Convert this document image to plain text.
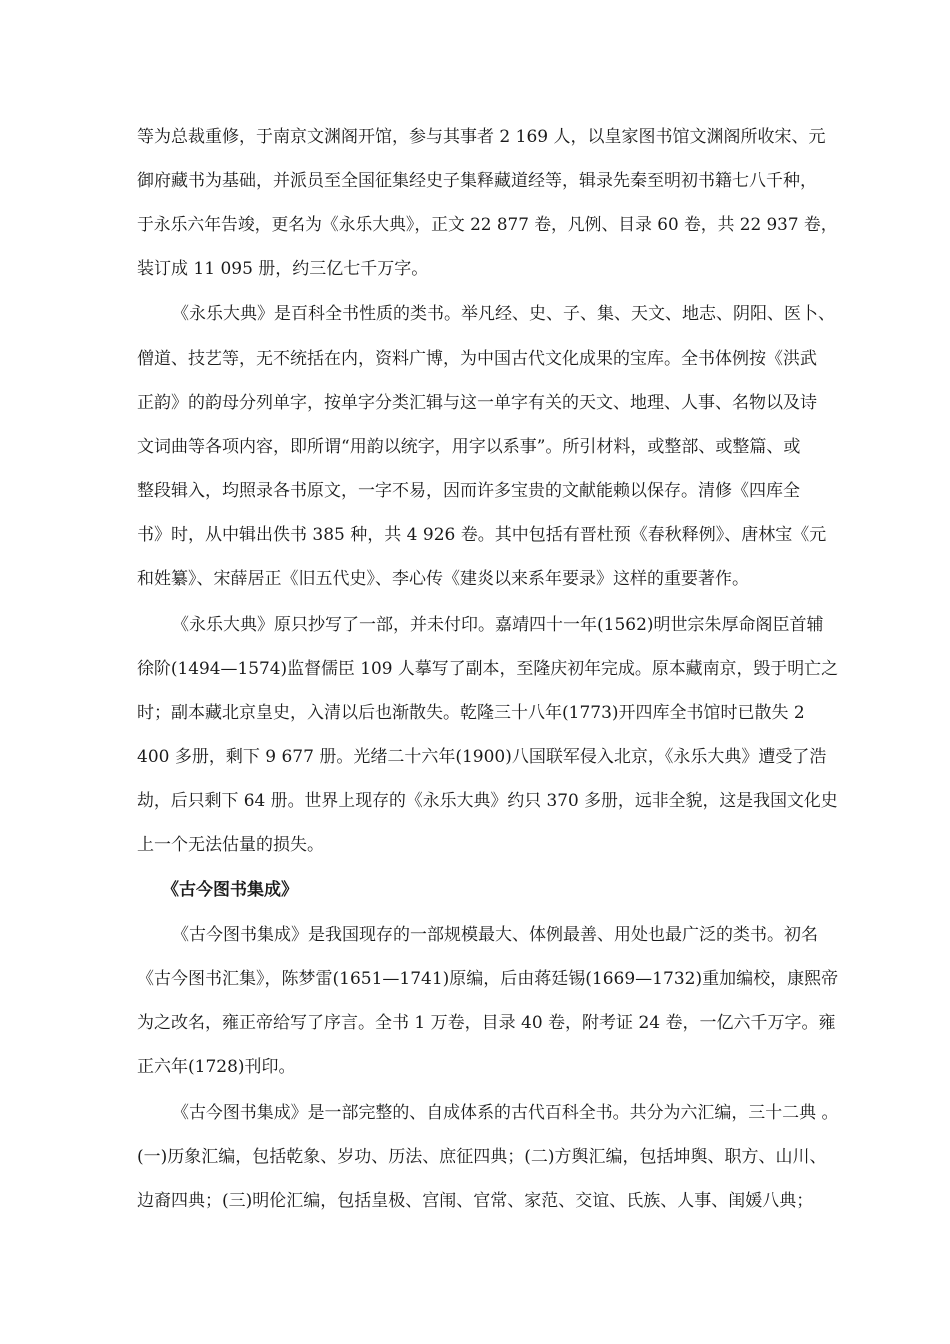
等为总裁重修，于南京文渊阁开馆，参与其事者 2 169 人，以皇家图书馆文渊阁所收宋、元
御府藏书为基础，并派员至全国征集经史子集释藏道经等，辑录先秦至明初书籍七八千种，
于永乐六年告竣，更名为《永乐大典》，正文 22 877 卷，凡例、目录 60 卷，共 22 937 卷，
装订成 11 095 册，约三亿七千万字。
《永乐大典》是百科全书性质的类书。举凡经、史、子、集、天文、地志、阴阳、医卜、
僧道、技艺等，无不统括在内，资料广博，为中国古代文化成果的宝库。全书体例按《洪武
正韵》的韵母分列单字，按单字分类汇辑与这一单字有关的天文、地理、人事、名物以及诗
文词曲等各项内容，即所谓“用韵以统字，用字以系事”。所引材料，或整部、或整篇、或
整段辑入，均照录各书原文，一字不易，因而许多宝贵的文献能赖以保存。清修《四库全
书》时，从中辑出佚书 385 种，共 4 926 卷。其中包括有晋杜预《春秋释例》、唐林宝《元
和姓纂》、宋薛居正《旧五代史》、李心传《建炎以来系年要录》这样的重要著作。
《永乐大典》原只抄写了一部，并未付印。嘉靖四十一年(1562)明世宗朱厚命阁臣首辅
徐阶(1494—1574)监督儒臣 109 人摹写了副本，至隆庆初年完成。原本藏南京，毁于明亡之
时；副本藏北京皇史，入清以后也渐散失。乾隆三十八年(1773)开四库全书馆时已散失 2
400 多册，剩下 9 677 册。光绪二十六年(1900)八国联军侵入北京，《永乐大典》遭受了浩
劫，后只剩下 64 册。世界上现存的《永乐大典》约只 370 多册，远非全貌，这是我国文化史
上一个无法估量的损失。
《古今图书集成》
《古今图书集成》是我国现存的一部规模最大、体例最善、用处也最广泛的类书。初名
《古今图书汇集》，陈梦雷(1651—1741)原编，后由蒋廷锡(1669—1732)重加编校，康熙帝
为之改名，雍正帝给写了序言。全书 1 万卷，目录 40 卷，附考证 24 卷，一亿六千万字。雍
正六年(1728)刊印。
《古今图书集成》是一部完整的、自成体系的古代百科全书。共分为六汇编，三十二典 。
(一)历象汇编，包括乾象、岁功、历法、庶征四典；(二)方舆汇编，包括坤舆、职方、山川、
边裔四典；(三)明伦汇编，包括皇极、宫闱、官常、家范、交谊、氏族、人事、闺媛八典；
